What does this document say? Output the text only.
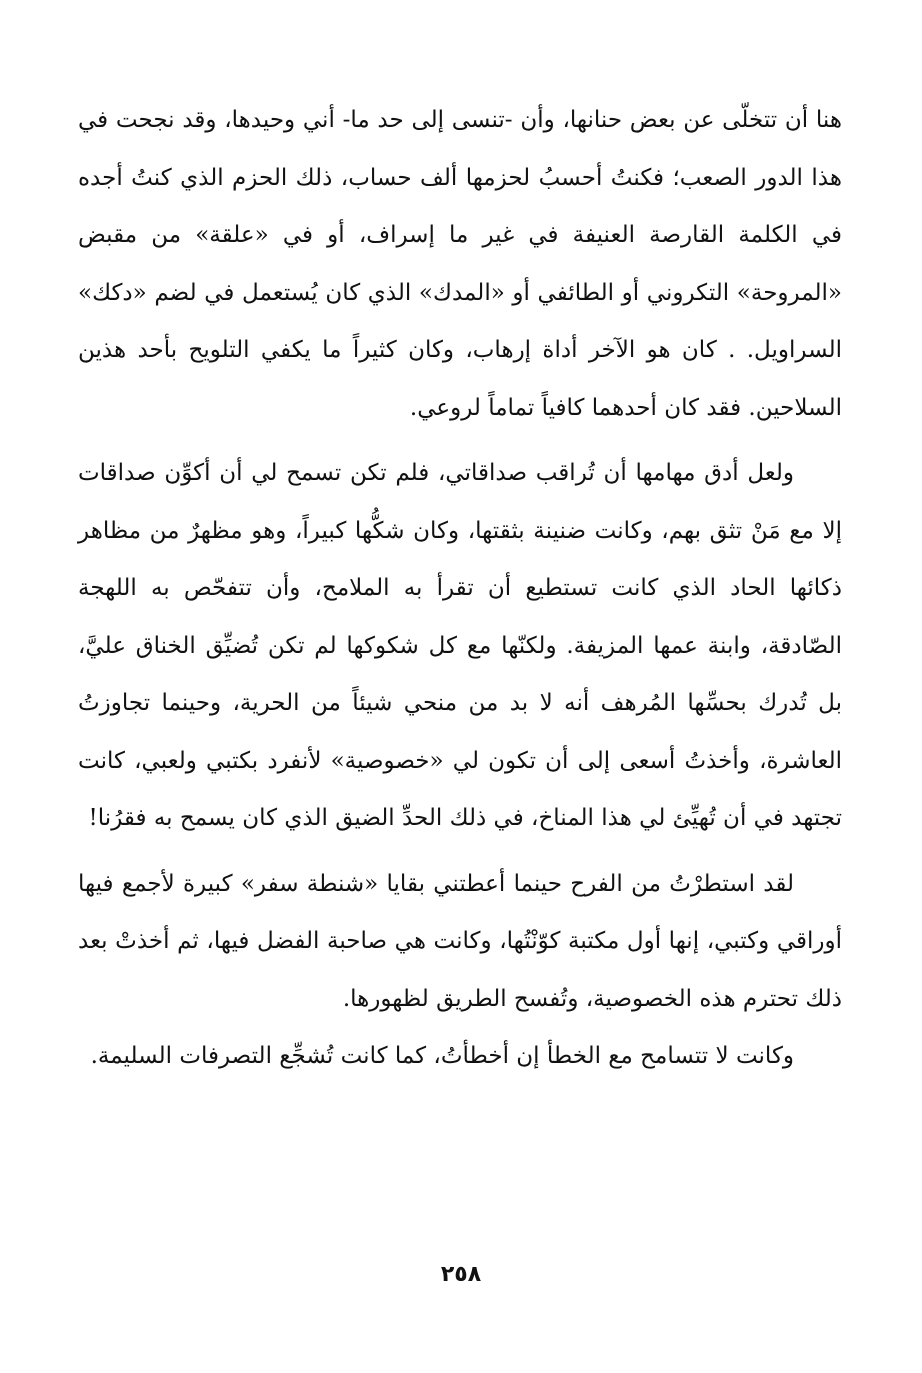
هنا أن تتخلّى عن بعض حنانها، وأن -تنسى إلى حد ما- أني وحيدها، وقد نجحت في هذا الدور الصعب؛ فكنتُ أحسبُ لحزمها ألف حساب، ذلك الحزم الذي كنتُ أجده في الكلمة القارصة العنيفة في غير ما إسراف، أو في «علقة» من مقبض «المروحة» التكروني أو الطائفي أو «المدك» الذي كان يُستعمل في لضم «دكك» السراويل. . كان هو الآخر أداة إرهاب، وكان كثيراً ما يكفي التلويح بأحد هذين السلاحين. فقد كان أحدهما كافياً تماماً لروعي.

ولعل أدق مهامها أن تُراقب صداقاتي، فلم تكن تسمح لي أن أكوِّن صداقات إلا مع مَنْ تثق بهم، وكانت ضنينة بثقتها، وكان شكُّها كبيراً، وهو مظهرٌ من مظاهر ذكائها الحاد الذي كانت تستطيع أن تقرأ به الملامح، وأن تتفحّص به اللهجة الصّادقة، وابنة عمها المزيفة. ولكنّها مع كل شكوكها لم تكن تُضيِّق الخناق عليَّ، بل تُدرك بحسِّها المُرهف أنه لا بد من منحي شيئاً من الحرية، وحينما تجاوزتُ العاشرة، وأخذتُ أسعى إلى أن تكون لي «خصوصية» لأنفرد بكتبي ولعبي، كانت تجتهد في أن تُهيِّئ لي هذا المناخ، في ذلك الحدِّ الضيق الذي كان يسمح به فقرُنا!

لقد استطرْتُ من الفرح حينما أعطتني بقايا «شنطة سفر» كبيرة لأجمع فيها أوراقي وكتبي، إنها أول مكتبة كوّنْتُها، وكانت هي صاحبة الفضل فيها، ثم أخذتْ بعد ذلك تحترم هذه الخصوصية، وتُفسح الطريق لظهورها.

وكانت لا تتسامح مع الخطأ إن أخطأتُ، كما كانت تُشجِّع التصرفات السليمة.

٢٥٨
